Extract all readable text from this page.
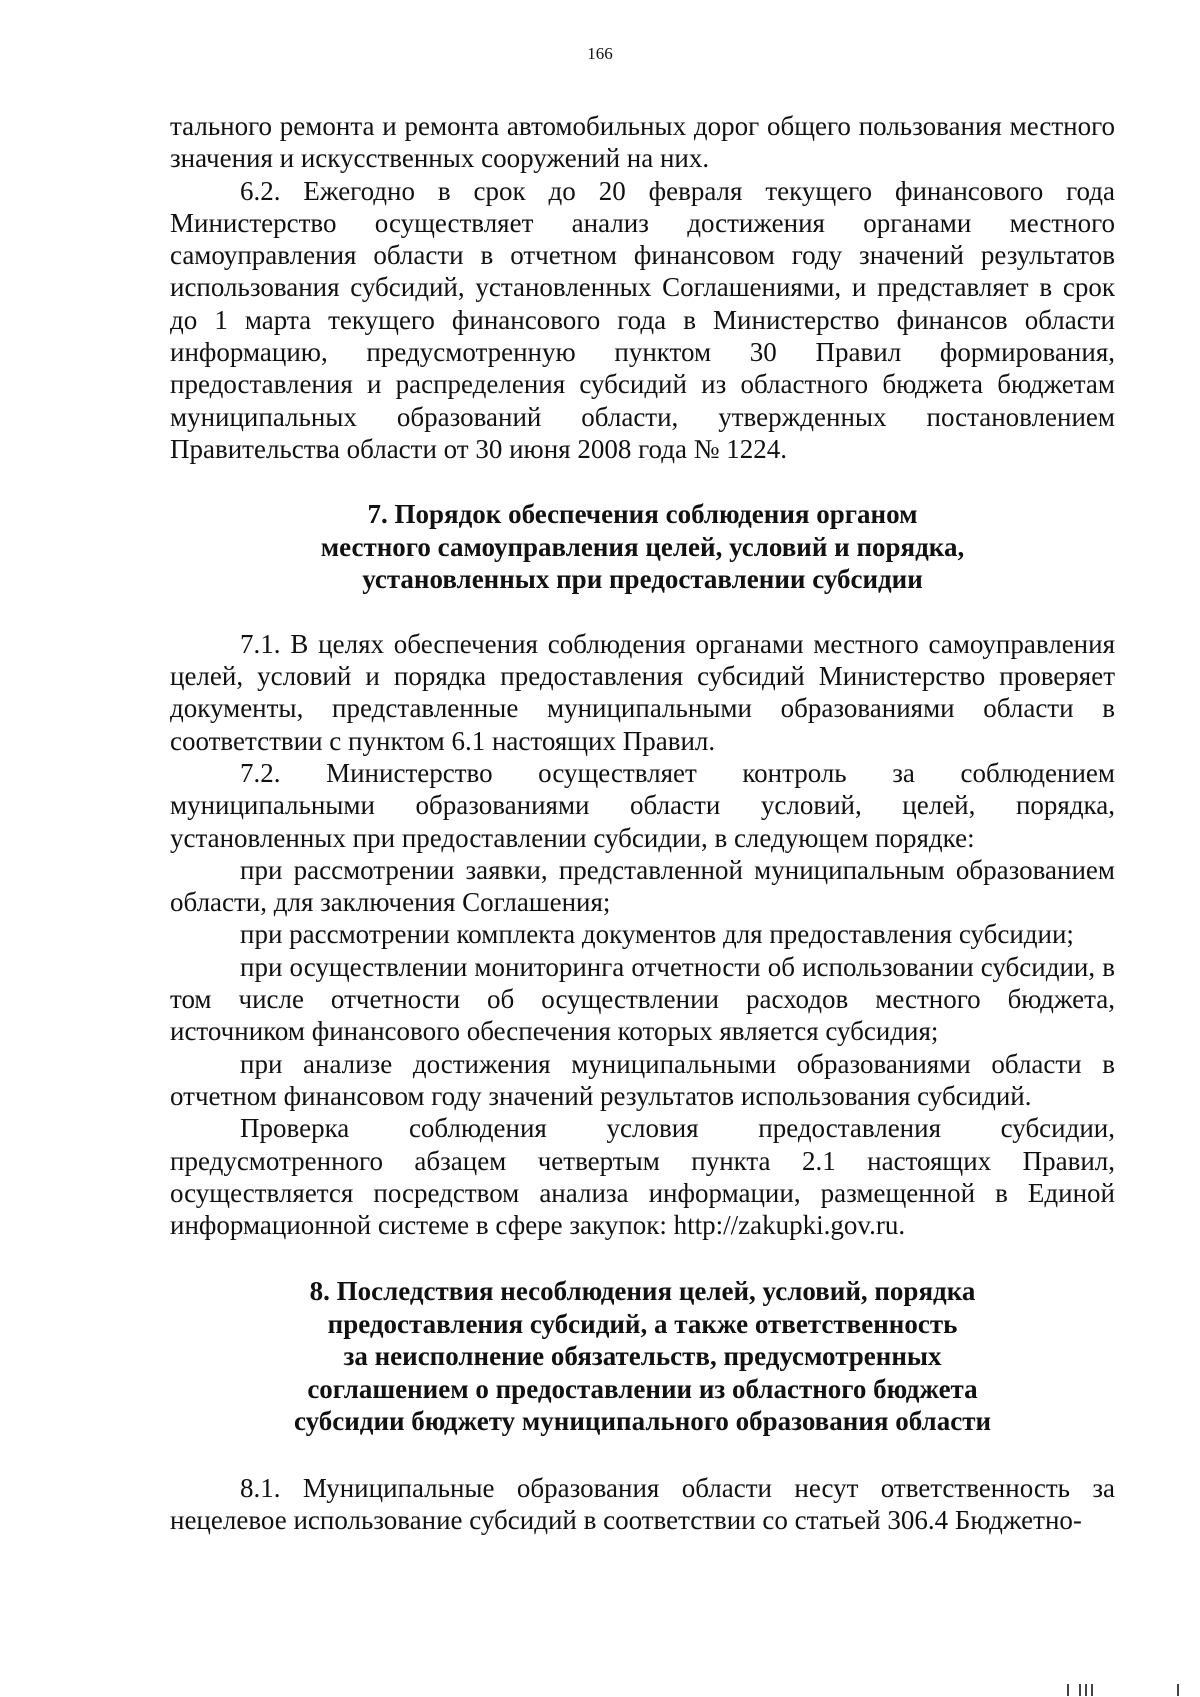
166

тального ремонта и ремонта автомобильных дорог общего пользования местного значения и искусственных сооружений на них.

6.2. Ежегодно в срок до 20 февраля текущего финансового года Министерство осуществляет анализ достижения органами местного самоуправления области в отчетном финансовом году значений результатов использования субсидий, установленных Соглашениями, и представляет в срок до 1 марта текущего финансового года в Министерство финансов области информацию, предусмотренную пунктом 30 Правил формирования, предоставления и распределения субсидий из областного бюджета бюджетам муниципальных образований области, утвержденных постановлением Правительства области от 30 июня 2008 года № 1224.

7. Порядок обеспечения соблюдения органом
местного самоуправления целей, условий и порядка,
установленных при предоставлении субсидии

7.1. В целях обеспечения соблюдения органами местного самоуправления целей, условий и порядка предоставления субсидий Министерство проверяет документы, представленные муниципальными образованиями области в соответствии с пунктом 6.1 настоящих Правил.

7.2. Министерство осуществляет контроль за соблюдением муниципальными образованиями области условий, целей, порядка, установленных при предоставлении субсидии, в следующем порядке:

при рассмотрении заявки, представленной муниципальным образованием области, для заключения Соглашения;

при рассмотрении комплекта документов для предоставления субсидии;

при осуществлении мониторинга отчетности об использовании субсидии, в том числе отчетности об осуществлении расходов местного бюджета, источником финансового обеспечения которых является субсидия;

при анализе достижения муниципальными образованиями области в отчетном финансовом году значений результатов использования субсидий.

Проверка соблюдения условия предоставления субсидии, предусмотренного абзацем четвертым пункта 2.1 настоящих Правил, осуществляется посредством анализа информации, размещенной в Единой информационной системе в сфере закупок: http://zakupki.gov.ru.

8. Последствия несоблюдения целей, условий, порядка
предоставления субсидий, а также ответственность
за неисполнение обязательств, предусмотренных
соглашением о предоставлении из областного бюджета
субсидии бюджету муниципального образования области

8.1. Муниципальные образования области несут ответственность за нецелевое использование субсидий в соответствии со статьей 306.4 Бюджетно-
